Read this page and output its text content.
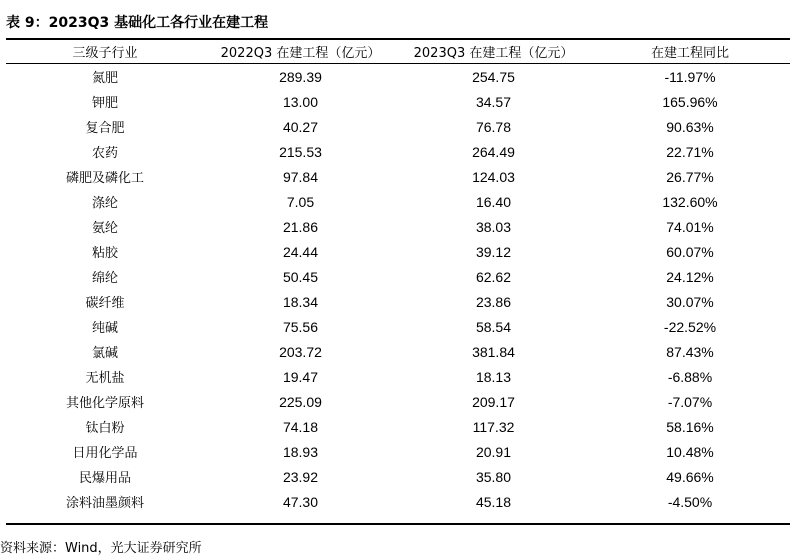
表 9：2023Q3 基础化工各行业在建工程
三级子行业	2022Q3 在建工程（亿元）	2023Q3 在建工程（亿元）	在建工程同比
氮肥	289.39	254.75	-11.97%
钾肥	13.00	34.57	165.96%
复合肥	40.27	76.78	90.63%
农药	215.53	264.49	22.71%
磷肥及磷化工	97.84	124.03	26.77%
涤纶	7.05	16.40	132.60%
氨纶	21.86	38.03	74.01%
粘胶	24.44	39.12	60.07%
绵纶	50.45	62.62	24.12%
碳纤维	18.34	23.86	30.07%
纯碱	75.56	58.54	-22.52%
氯碱	203.72	381.84	87.43%
无机盐	19.47	18.13	-6.88%
其他化学原料	225.09	209.17	-7.07%
钛白粉	74.18	117.32	58.16%
日用化学品	18.93	20.91	10.48%
民爆用品	23.92	35.80	49.66%
涂料油墨颜料	47.30	45.18	-4.50%
资料来源：Wind，光大证券研究所
